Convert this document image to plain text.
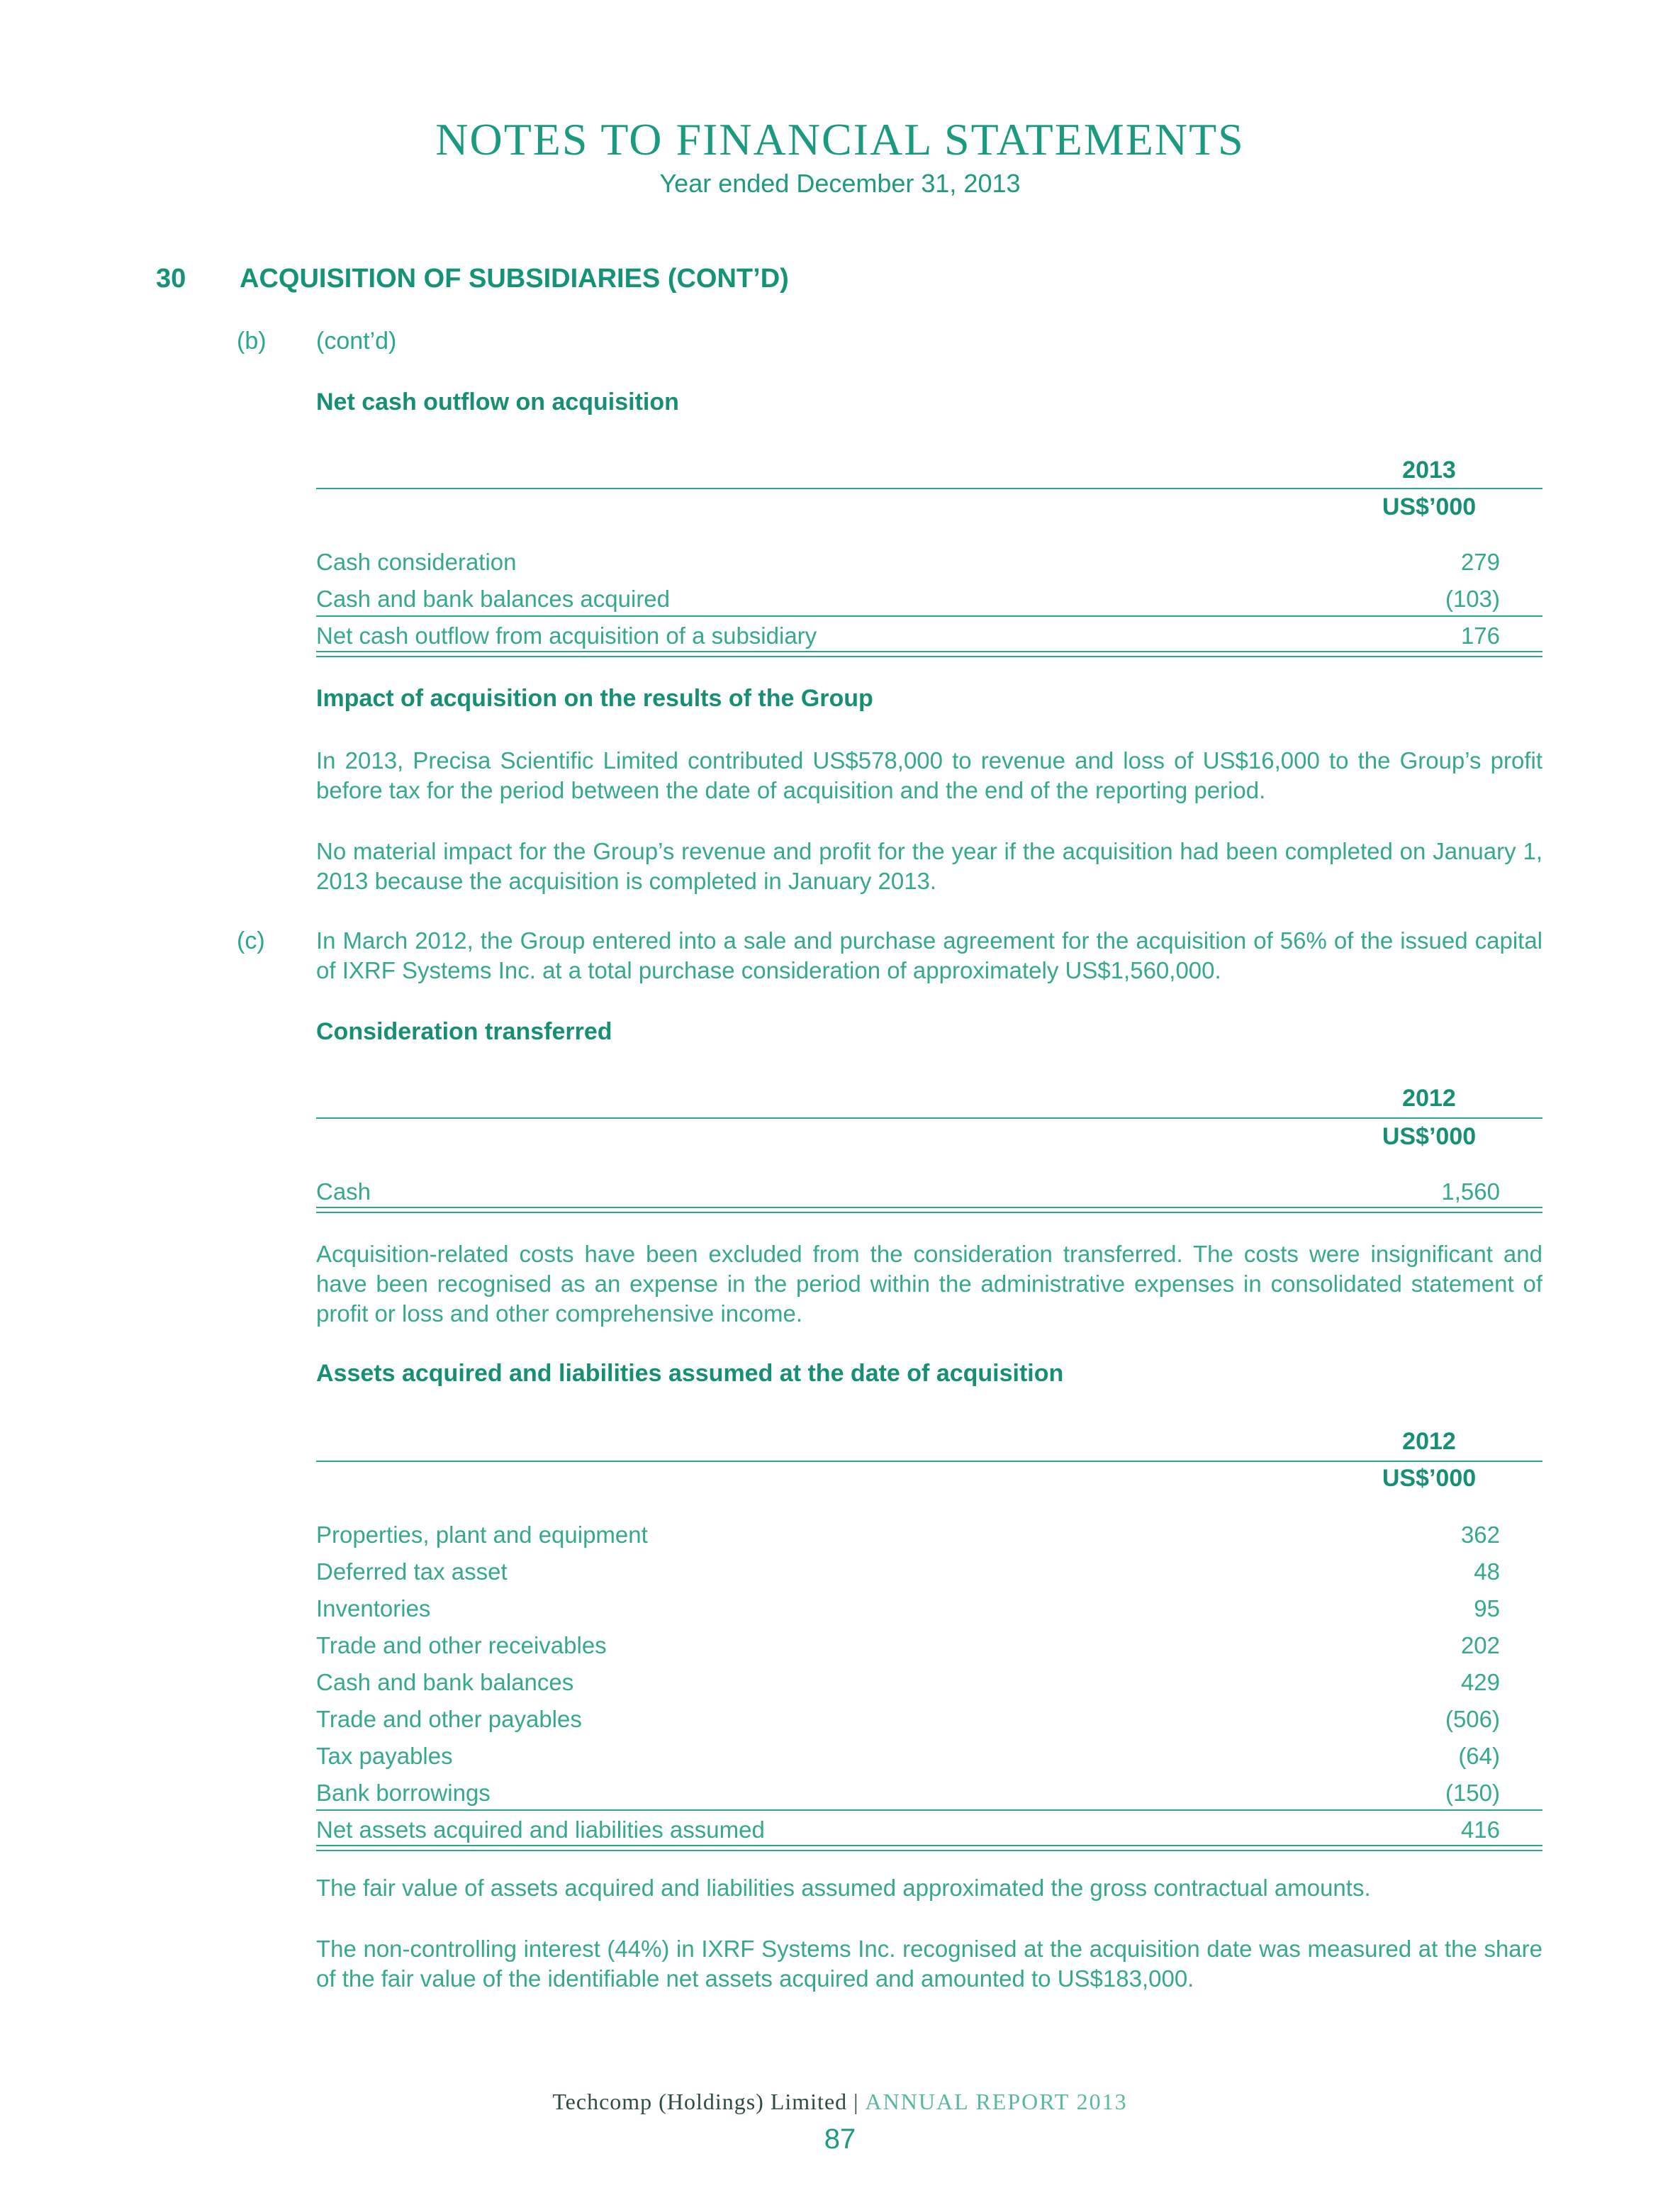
NOTES TO FINANCIAL STATEMENTS
Year ended December 31, 2013
30 ACQUISITION OF SUBSIDIARIES (CONT’D)
(b) (cont’d)
Net cash outflow on acquisition
2013
US$’000
Cash consideration	279
Cash and bank balances acquired	(103)
Net cash outflow from acquisition of a subsidiary	176
Impact of acquisition on the results of the Group
In 2013, Precisa Scientific Limited contributed US$578,000 to revenue and loss of US$16,000 to the Group’s profit before tax for the period between the date of acquisition and the end of the reporting period.
No material impact for the Group’s revenue and profit for the year if the acquisition had been completed on January 1, 2013 because the acquisition is completed in January 2013.
(c) In March 2012, the Group entered into a sale and purchase agreement for the acquisition of 56% of the issued capital of IXRF Systems Inc. at a total purchase consideration of approximately US$1,560,000.
Consideration transferred
2012
US$’000
Cash	1,560
Acquisition-related costs have been excluded from the consideration transferred. The costs were insignificant and have been recognised as an expense in the period within the administrative expenses in consolidated statement of profit or loss and other comprehensive income.
Assets acquired and liabilities assumed at the date of acquisition
2012
US$’000
Properties, plant and equipment	362
Deferred tax asset	48
Inventories	95
Trade and other receivables	202
Cash and bank balances	429
Trade and other payables	(506)
Tax payables	(64)
Bank borrowings	(150)
Net assets acquired and liabilities assumed	416
The fair value of assets acquired and liabilities assumed approximated the gross contractual amounts.
The non-controlling interest (44%) in IXRF Systems Inc. recognised at the acquisition date was measured at the share of the fair value of the identifiable net assets acquired and amounted to US$183,000.
Techcomp (Holdings) Limited | ANNUAL REPORT 2013
87
